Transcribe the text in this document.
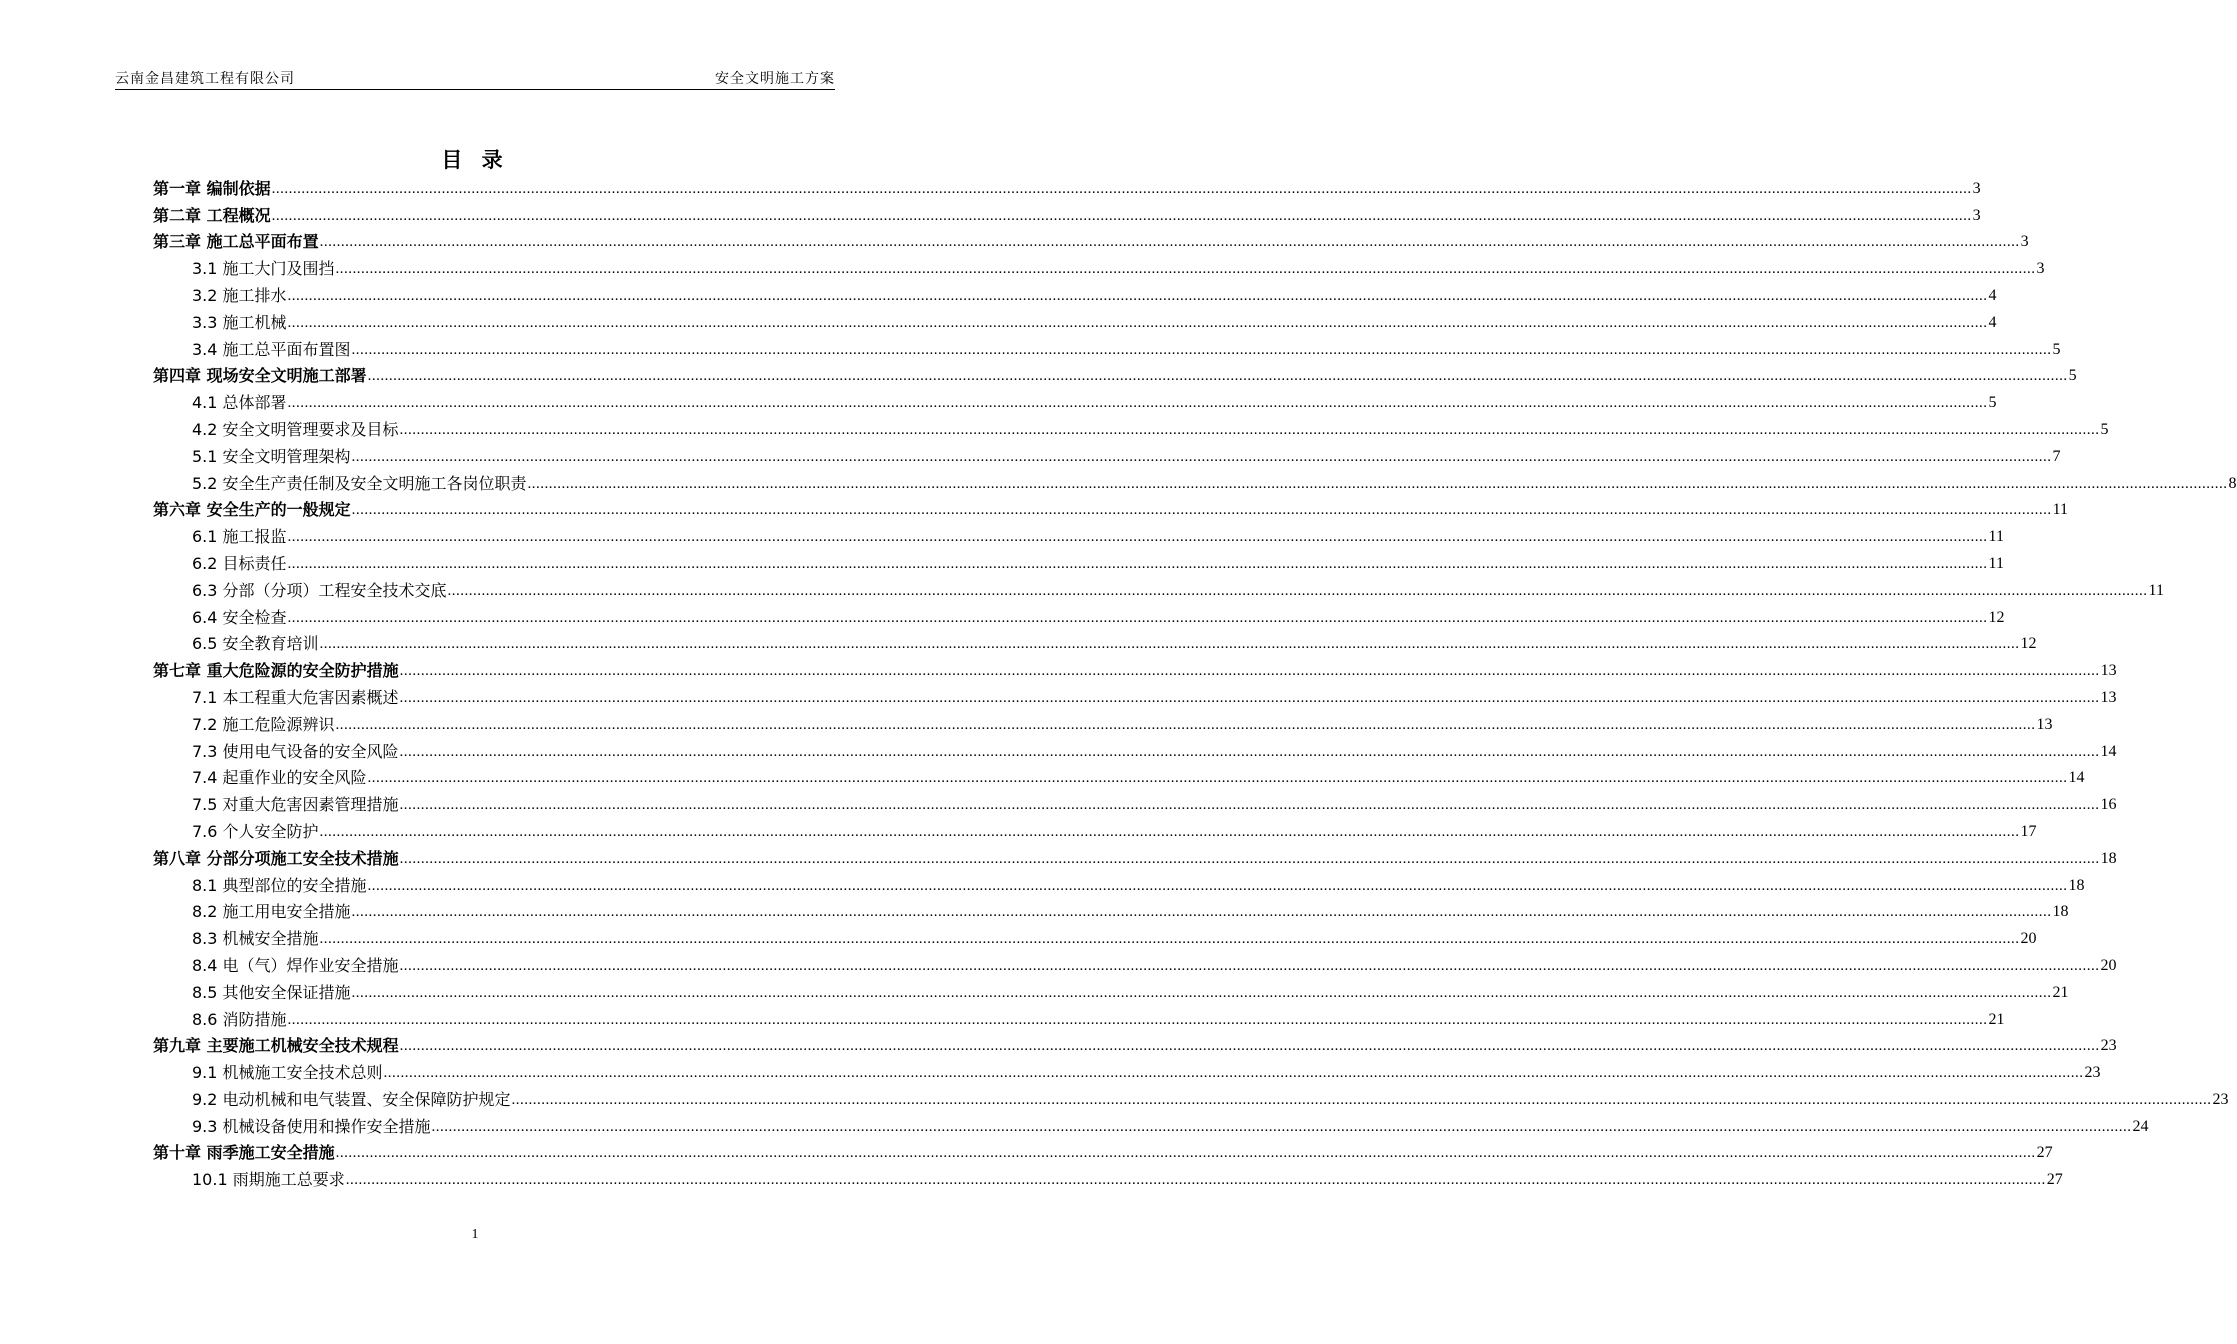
云南金昌建筑工程有限公司	安全文明施工方案
目 录
第一章 编制依据 ................................................................................................................................................................................................................................................................................................................................................................................................................ 3
第二章 工程概况 ................................................................................................................................................................................................................................................................................................................................................................................................................ 3
第三章 施工总平面布置 ................................................................................................................................................................................................................................................................................................................................................................................................................ 3
3.1 施工大门及围挡 ................................................................................................................................................................................................................................................................................................................................................................................................................ 3
3.2 施工排水 ................................................................................................................................................................................................................................................................................................................................................................................................................ 4
3.3 施工机械 ................................................................................................................................................................................................................................................................................................................................................................................................................ 4
3.4 施工总平面布置图 ................................................................................................................................................................................................................................................................................................................................................................................................................ 5
第四章 现场安全文明施工部署 ................................................................................................................................................................................................................................................................................................................................................................................................................ 5
4.1 总体部署 ................................................................................................................................................................................................................................................................................................................................................................................................................ 5
4.2 安全文明管理要求及目标 ................................................................................................................................................................................................................................................................................................................................................................................................................ 5
5.1 安全文明管理架构 ................................................................................................................................................................................................................................................................................................................................................................................................................ 7
5.2 安全生产责任制及安全文明施工各岗位职责 ................................................................................................................................................................................................................................................................................................................................................................................................................ 8
第六章 安全生产的一般规定 ................................................................................................................................................................................................................................................................................................................................................................................................................ 11
6.1 施工报监 ................................................................................................................................................................................................................................................................................................................................................................................................................ 11
6.2 目标责任 ................................................................................................................................................................................................................................................................................................................................................................................................................ 11
6.3 分部（分项）工程安全技术交底 ................................................................................................................................................................................................................................................................................................................................................................................................................ 11
6.4 安全检查 ................................................................................................................................................................................................................................................................................................................................................................................................................ 12
6.5 安全教育培训 ................................................................................................................................................................................................................................................................................................................................................................................................................ 12
第七章 重大危险源的安全防护措施 ................................................................................................................................................................................................................................................................................................................................................................................................................ 13
7.1 本工程重大危害因素概述 ................................................................................................................................................................................................................................................................................................................................................................................................................ 13
7.2 施工危险源辨识 ................................................................................................................................................................................................................................................................................................................................................................................................................ 13
7.3 使用电气设备的安全风险 ................................................................................................................................................................................................................................................................................................................................................................................................................ 14
7.4 起重作业的安全风险 ................................................................................................................................................................................................................................................................................................................................................................................................................ 14
7.5 对重大危害因素管理措施 ................................................................................................................................................................................................................................................................................................................................................................................................................ 16
7.6 个人安全防护 ................................................................................................................................................................................................................................................................................................................................................................................................................ 17
第八章 分部分项施工安全技术措施 ................................................................................................................................................................................................................................................................................................................................................................................................................ 18
8.1 典型部位的安全措施 ................................................................................................................................................................................................................................................................................................................................................................................................................ 18
8.2 施工用电安全措施 ................................................................................................................................................................................................................................................................................................................................................................................................................ 18
8.3 机械安全措施 ................................................................................................................................................................................................................................................................................................................................................................................................................ 20
8.4 电（气）焊作业安全措施 ................................................................................................................................................................................................................................................................................................................................................................................................................ 20
8.5 其他安全保证措施 ................................................................................................................................................................................................................................................................................................................................................................................................................ 21
8.6 消防措施 ................................................................................................................................................................................................................................................................................................................................................................................................................ 21
第九章 主要施工机械安全技术规程 ................................................................................................................................................................................................................................................................................................................................................................................................................ 23
9.1 机械施工安全技术总则 ................................................................................................................................................................................................................................................................................................................................................................................................................ 23
9.2 电动机械和电气装置、安全保障防护规定 ................................................................................................................................................................................................................................................................................................................................................................................................................ 23
9.3 机械设备使用和操作安全措施 ................................................................................................................................................................................................................................................................................................................................................................................................................ 24
第十章 雨季施工安全措施 ................................................................................................................................................................................................................................................................................................................................................................................................................ 27
10.1 雨期施工总要求 ................................................................................................................................................................................................................................................................................................................................................................................................................ 27
1
